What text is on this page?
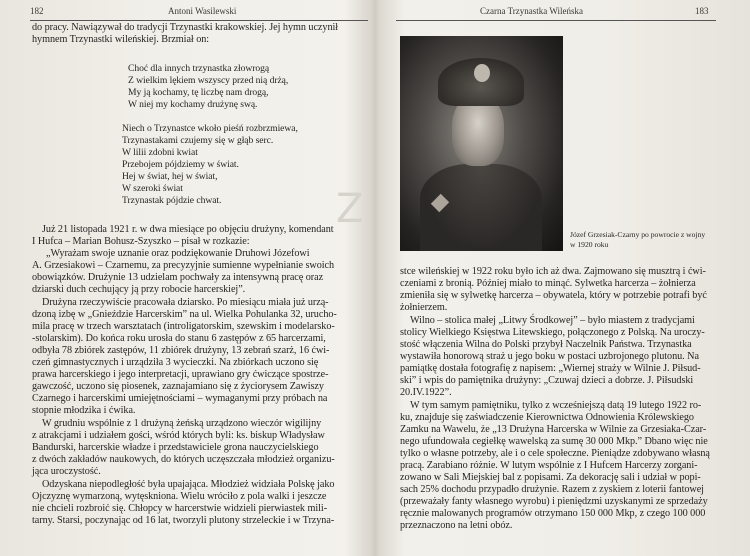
182	Antoni Wasilewski
do pracy. Nawiązywał do tradycji Trzynastki krakowskiej. Jej hymn uczynił
hymnem Trzynastki wileńskiej. Brzmiał on:
Choć dla innych trzynastka złowrogą
Z wielkim lękiem wszyscy przed nią drżą,
My ją kochamy, tę liczbę nam drogą,
W niej my kochamy drużynę swą.
Niech o Trzynastce wkoło pieśń rozbrzmiewa,
Trzynastakami czujemy się w głąb serc.
W lilii zdobni kwiat
Przebojem pójdziemy w świat.
Hej w świat, hej w świat,
W szeroki świat
Trzynastak pójdzie chwat.
Już 21 listopada 1921 r. w dwa miesiące po objęciu drużyny, komendant
I Hufca – Marian Bohusz-Szyszko – pisał w rozkazie:
„Wyrażam swoje uznanie oraz podziękowanie Druhowi Józefowi
A. Grzesiakowi – Czarnemu, za precyzyjnie sumienne wypełnianie swoich
obowiązków. Drużynie 13 udzielam pochwały za intensywną pracę oraz
dziarski duch cechujący ją przy robocie harcerskiej”.
Drużyna rzeczywiście pracowała dziarsko. Po miesiącu miała już urzą-
dzoną izbę w „Gnieździe Harcerskim” na ul. Wielka Pohulanka 32, urucho-
mila pracę w trzech warsztatach (introligatorskim, szewskim i modelarsko-
-stolarskim). Do końca roku urosła do stanu 6 zastępów z 65 harcerzami,
odbyła 78 zbiórek zastępów, 11 zbiórek drużyny, 13 zebrań szarż, 16 ćwi-
czeń gimnastycznych i urządziła 3 wycieczki. Na zbiórkach uczono się
prawa harcerskiego i jego interpretacji, uprawiano gry ćwiczące spostrze-
gawczość, uczono się piosenek, zaznajamiano się z życiorysem Zawiszy
Czarnego i harcerskimi umiejętnościami – wymaganymi przy próbach na
stopnie młodzika i ćwika.
W grudniu wspólnie z 1 drużyną żeńską urządzono wieczór wigilijny
z atrakcjami i udziałem gości, wśród których byli: ks. biskup Władysław
Bandurski, harcerskie władze i przedstawiciele grona nauczycielskiego
z dwóch zakładów naukowych, do których uczęszczała młodzież organizu-
jąca uroczystość.
Odzyskana niepodległość była upajająca. Młodzież widziała Polskę jako
Ojczyznę wymarzoną, wytęskniona. Wielu wróciło z pola walki i jeszcze
nie chcieli rozbroić się. Chłopcy w harcerstwie widzieli pierwiastek mili-
tarny. Starsi, poczynając od 16 lat, tworzyli plutony strzeleckie i w Trzyna-
Z
Czarna Trzynastka Wileńska	183
Józef Grzesiak-Czarny po powrocie z wojny
w 1920 roku
stce wileńskiej w 1922 roku było ich aż dwa. Zajmowano się musztrą i ćwi-
czeniami z bronią. Później miało to minąć. Sylwetka harcerza – żołnierza
zmieniła się w sylwetkę harcerza – obywatela, który w potrzebie potrafi być
żołnierzem.
Wilno – stolica małej „Litwy Środkowej” – było miastem z tradycjami
stolicy Wielkiego Księstwa Litewskiego, połączonego z Polską. Na uroczy-
stość włączenia Wilna do Polski przybył Naczelnik Państwa. Trzynastka
wystawiła honorową straż u jego boku w postaci uzbrojonego plutonu. Na
pamiątkę dostała fotografię z napisem: „Wiernej straży w Wilnie J. Piłsud-
ski” i wpis do pamiętnika drużyny: „Czuwaj dzieci a dobrze. J. Piłsudski
20.IV.1922”.
W tym samym pamiętniku, tylko z wcześniejszą datą 19 lutego 1922 ro-
ku, znajduje się zaświadczenie Kierownictwa Odnowienia Królewskiego
Zamku na Wawelu, że „13 Drużyna Harcerska w Wilnie za Grzesiaka-Czar-
nego ufundowała cegiełkę wawelską za sumę 30 000 Mkp.” Dbano więc nie
tylko o własne potrzeby, ale i o cele społeczne. Pieniądze zdobywano własną
pracą. Zarabiano różnie. W lutym wspólnie z I Hufcem Harcerzy zorgani-
zowano w Sali Miejskiej bal z popisami. Za dekorację sali i udział w popi-
sach 25% dochodu przypadło drużynie. Razem z zyskiem z loterii fantowej
(przeważały fanty własnego wyrobu) i pieniędzmi uzyskanymi ze sprzedaży
ręcznie malowanych programów otrzymano 150 000 Mkp, z czego 100 000
przeznaczono na letni obóz.
